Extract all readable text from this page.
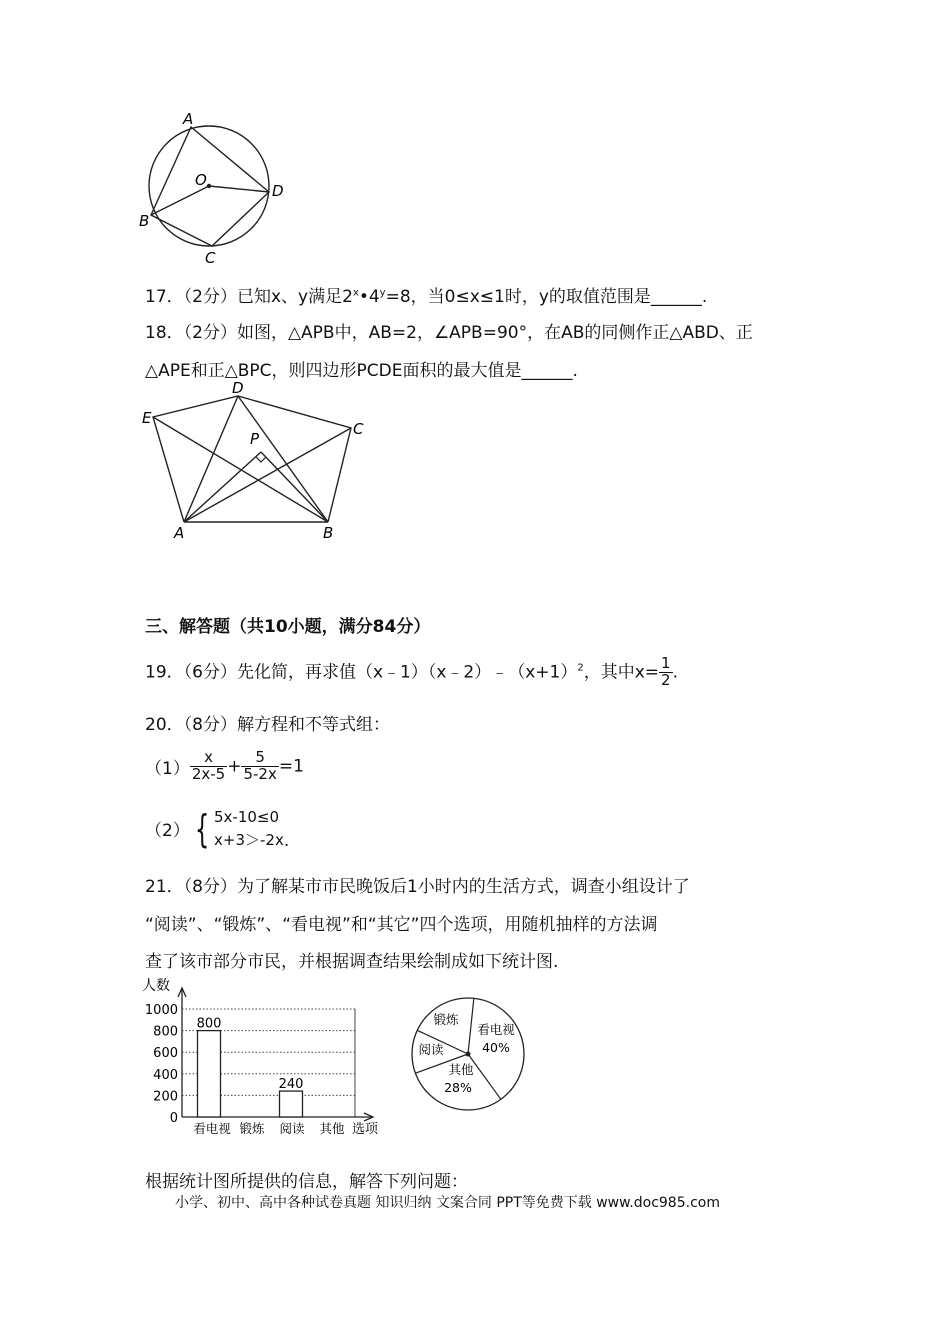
A
O
D
B
C
17．（2分）已知x、y满足$2^x•4^y=8$，当0≤x≤1时，y的取值范围是______.
18．（2分）如图，△APB中，AB=2，∠APB=90°，在AB的同侧作正△ABD、正
△APE和正△BPC，则四边形PCDE面积的最大值是______.
D
E
P
C
A	B
三、解答题（共10小题，满分84分）
19．（6分）先化简，再求值$(x﹣1)(x﹣2)﹣(x+1)^2$，其中$x= \frac{1}{2}$ .
20．（8分）解方程和不等式组：
$(1) \frac{x}{2x-5} + \frac{5}{5-2x} =1$
（2） { 5x-10≤0
x+3＞-2x .
21．（8分）为了解某市市民晚饭后1小时内的生活方式，调查小组设计了
“阅读”、“锻炼”、“看电视”和“其它”四个选项，用随机抽样的方法调
查了该市部分市民，并根据调查结果绘制成如下统计图.
0
200
400
600
800
1000
800
240
看电视 锻炼 阅读 其他
人数
选项
锻炼
看电视
40%
阅读
其他
28%
根据统计图所提供的信息，解答下列问题：
小学、初中、高中各种试卷真题 知识归纳 文案合同 PPT等免费下载 www.doc985.com
